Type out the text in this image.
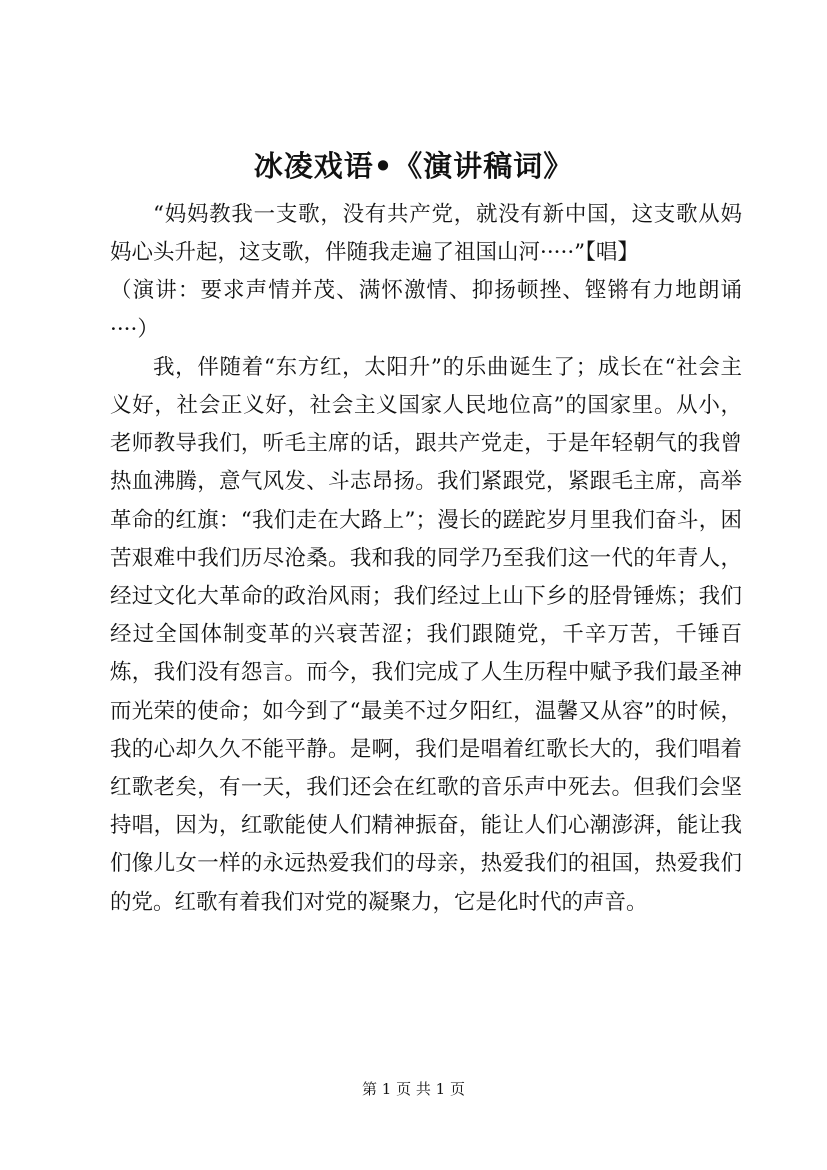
冰凌戏语•《演讲稿词》

“妈妈教我一支歌，没有共产党，就没有新中国，这支歌从妈妈心头升起，这支歌，伴随我走遍了祖国山河·····”【唱】

（演讲：要求声情并茂、满怀激情、抑扬顿挫、铿锵有力地朗诵····）

我，伴随着“东方红，太阳升”的乐曲诞生了；成长在“社会主义好，社会正义好，社会主义国家人民地位高”的国家里。从小，老师教导我们，听毛主席的话，跟共产党走，于是年轻朝气的我曾热血沸腾，意气风发、斗志昂扬。我们紧跟党，紧跟毛主席，高举革命的红旗：“我们走在大路上”；漫长的蹉跎岁月里我们奋斗，困苦艰难中我们历尽沧桑。我和我的同学乃至我们这一代的年青人，经过文化大革命的政治风雨；我们经过上山下乡的胫骨锤炼；我们经过全国体制变革的兴衰苦涩；我们跟随党，千辛万苦，千锤百炼，我们没有怨言。而今，我们完成了人生历程中赋予我们最圣神而光荣的使命；如今到了“最美不过夕阳红，温馨又从容”的时候，我的心却久久不能平静。是啊，我们是唱着红歌长大的，我们唱着红歌老矣，有一天，我们还会在红歌的音乐声中死去。但我们会坚持唱，因为，红歌能使人们精神振奋，能让人们心潮澎湃，能让我们像儿女一样的永远热爱我们的母亲，热爱我们的祖国，热爱我们的党。红歌有着我们对党的凝聚力，它是化时代的声音。

第 1 页 共 1 页
